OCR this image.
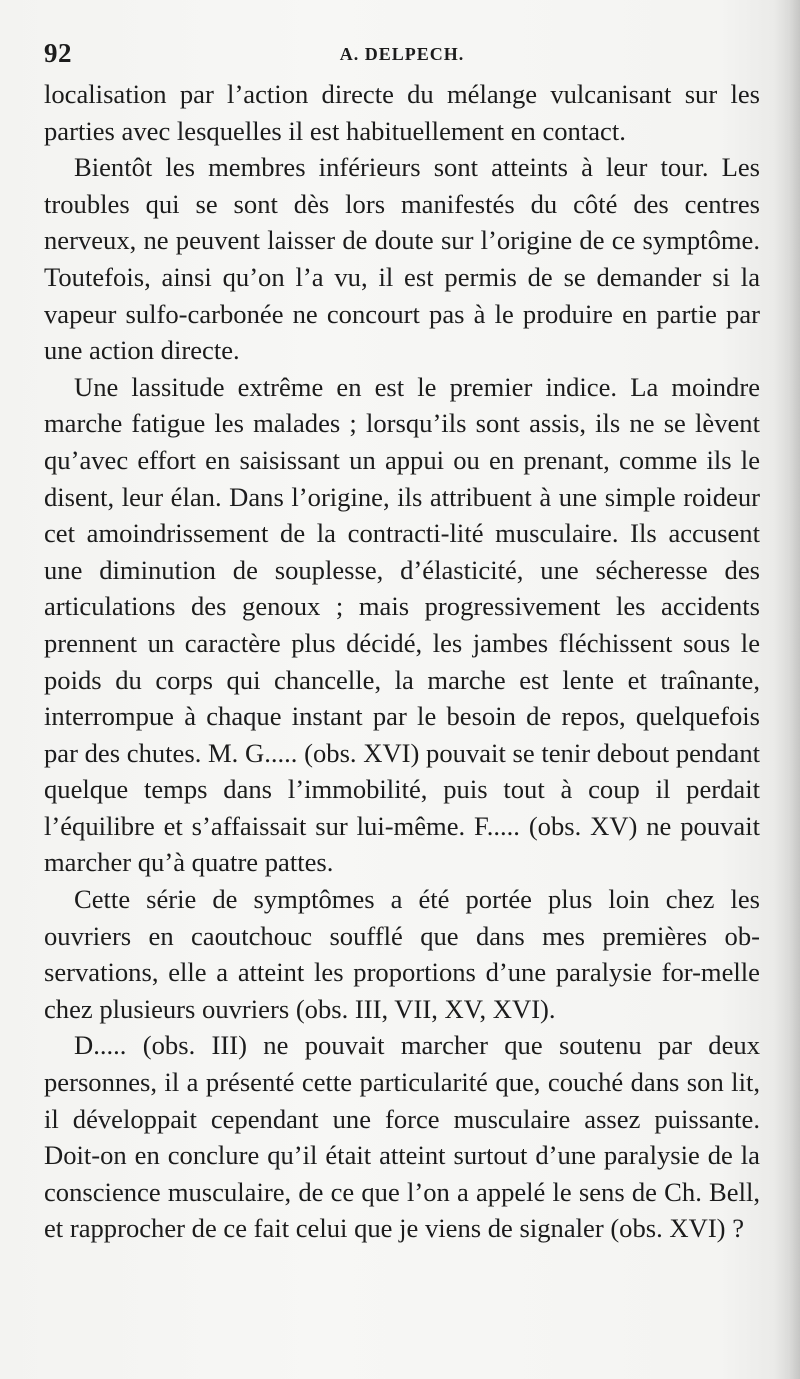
92	A. DELPECH.

localisation par l’action directe du mélange vulcanisant sur les parties avec lesquelles il est habituellement en contact.

Bientôt les membres inférieurs sont atteints à leur tour. Les troubles qui se sont dès lors manifestés du côté des centres nerveux, ne peuvent laisser de doute sur l’origine de ce symptôme. Toutefois, ainsi qu’on l’a vu, il est permis de se demander si la vapeur sulfo-carbonée ne concourt pas à le produire en partie par une action directe.

Une lassitude extrême en est le premier indice. La moindre marche fatigue les malades ; lorsqu’ils sont assis, ils ne se lèvent qu’avec effort en saisissant un appui ou en prenant, comme ils le disent, leur élan. Dans l’origine, ils attribuent à une simple roideur cet amoindrissement de la contracti-lité musculaire. Ils accusent une diminution de souplesse, d’élasticité, une sécheresse des articulations des genoux ; mais progressivement les accidents prennent un caractère plus décidé, les jambes fléchissent sous le poids du corps qui chancelle, la marche est lente et traînante, interrompue à chaque instant par le besoin de repos, quelquefois par des chutes. M. G..... (obs. XVI) pouvait se tenir debout pendant quelque temps dans l’immobilité, puis tout à coup il perdait l’équilibre et s’affaissait sur lui-même. F..... (obs. XV) ne pouvait marcher qu’à quatre pattes.

Cette série de symptômes a été portée plus loin chez les ouvriers en caoutchouc soufflé que dans mes premières ob-servations, elle a atteint les proportions d’une paralysie for-melle chez plusieurs ouvriers (obs. III, VII, XV, XVI).

D..... (obs. III) ne pouvait marcher que soutenu par deux personnes, il a présenté cette particularité que, couché dans son lit, il développait cependant une force musculaire assez puissante. Doit-on en conclure qu’il était atteint surtout d’une paralysie de la conscience musculaire, de ce que l’on a appelé le sens de Ch. Bell, et rapprocher de ce fait celui que je viens de signaler (obs. XVI) ?
